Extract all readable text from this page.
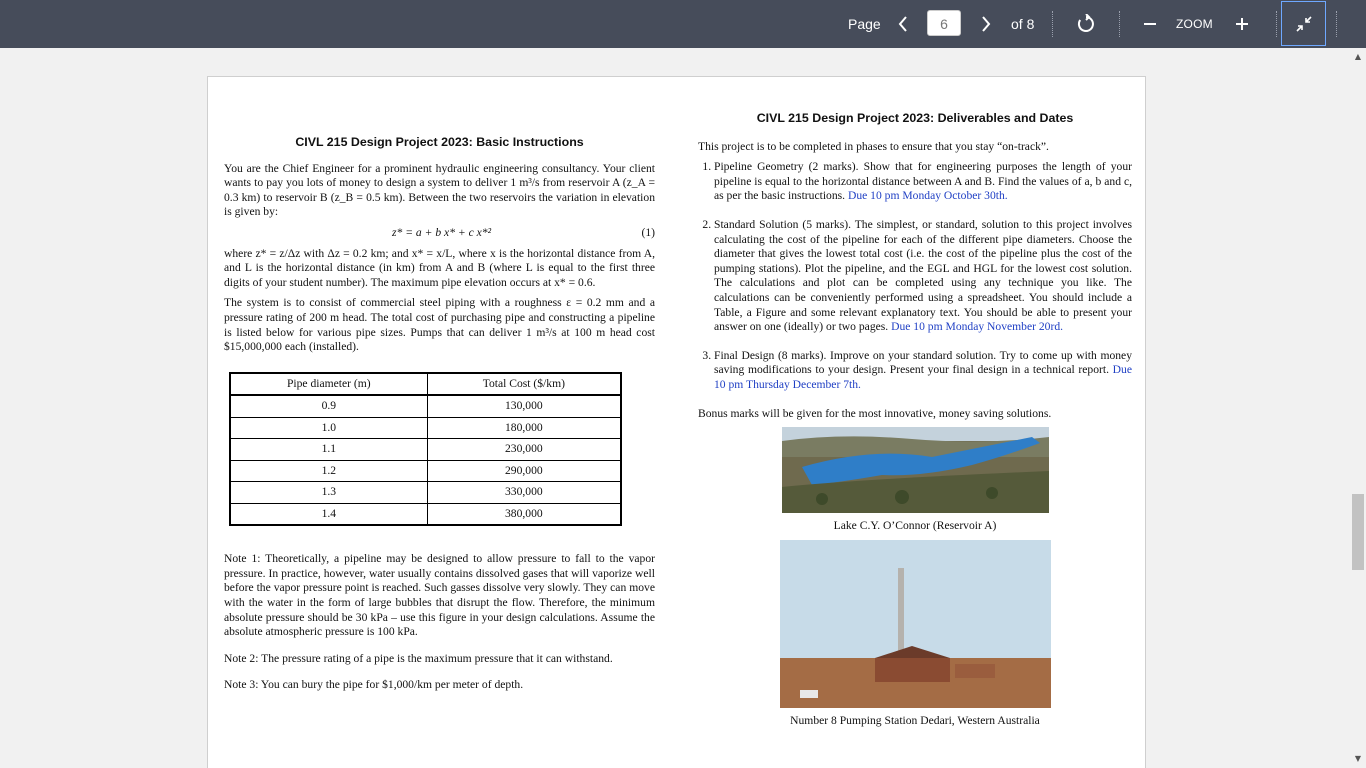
Page	6	of 8	ZOOM
CIVL 215 Design Project 2023: Basic Instructions

You are the Chief Engineer for a prominent hydraulic engineering consultancy. Your client wants to pay you lots of money to design a system to deliver 1 m³/s from reservoir A (z_A = 0.3 km) to reservoir B (z_B = 0.5 km). Between the two reservoirs the variation in elevation is given by:

z* = a + b x* + c x*²	(1)

where z* = z/Δz with Δz = 0.2 km; and x* = x/L, where x is the horizontal distance from A, and L is the horizontal distance (in km) from A and B (where L is equal to the first three digits of your student number). The maximum pipe elevation occurs at x* = 0.6.

The system is to consist of commercial steel piping with a roughness ε = 0.2 mm and a pressure rating of 200 m head. The total cost of purchasing pipe and constructing a pipeline is listed below for various pipe sizes. Pumps that can deliver 1 m³/s at 100 m head cost $15,000,000 each (installed).

Pipe diameter (m)	Total Cost ($/km)
0.9	130,000
1.0	180,000
1.1	230,000
1.2	290,000
1.3	330,000
1.4	380,000

Note 1: Theoretically, a pipeline may be designed to allow pressure to fall to the vapor pressure. In practice, however, water usually contains dissolved gases that will vaporize well before the vapor pressure point is reached. Such gasses dissolve very slowly. They can move with the water in the form of large bubbles that disrupt the flow. Therefore, the minimum absolute pressure should be 30 kPa – use this figure in your design calculations. Assume the absolute atmospheric pressure is 100 kPa.

Note 2: The pressure rating of a pipe is the maximum pressure that it can withstand.

Note 3: You can bury the pipe for $1,000/km per meter of depth.

CIVL 215 Design Project 2023: Deliverables and Dates

This project is to be completed in phases to ensure that you stay “on-track”.

1. Pipeline Geometry (2 marks). Show that for engineering purposes the length of your pipeline is equal to the horizontal distance between A and B. Find the values of a, b and c, as per the basic instructions. Due 10 pm Monday October 30th.
2. Standard Solution (5 marks). The simplest, or standard, solution to this project involves calculating the cost of the pipeline for each of the different pipe diameters. Choose the diameter that gives the lowest total cost (i.e. the cost of the pipeline plus the cost of the pumping stations). Plot the pipeline, and the EGL and HGL for the lowest cost solution. The calculations and plot can be completed using any technique you like. The calculations can be conveniently performed using a spreadsheet. You should include a Table, a Figure and some relevant explanatory text. You should be able to present your answer on one (ideally) or two pages. Due 10 pm Monday November 20rd.
3. Final Design (8 marks). Improve on your standard solution. Try to come up with money saving modifications to your design. Present your final design in a technical report. Due 10 pm Thursday December 7th.

Bonus marks will be given for the most innovative, money saving solutions.

Lake C.Y. O’Connor (Reservoir A)
Number 8 Pumping Station Dedari, Western Australia
▲
▼
